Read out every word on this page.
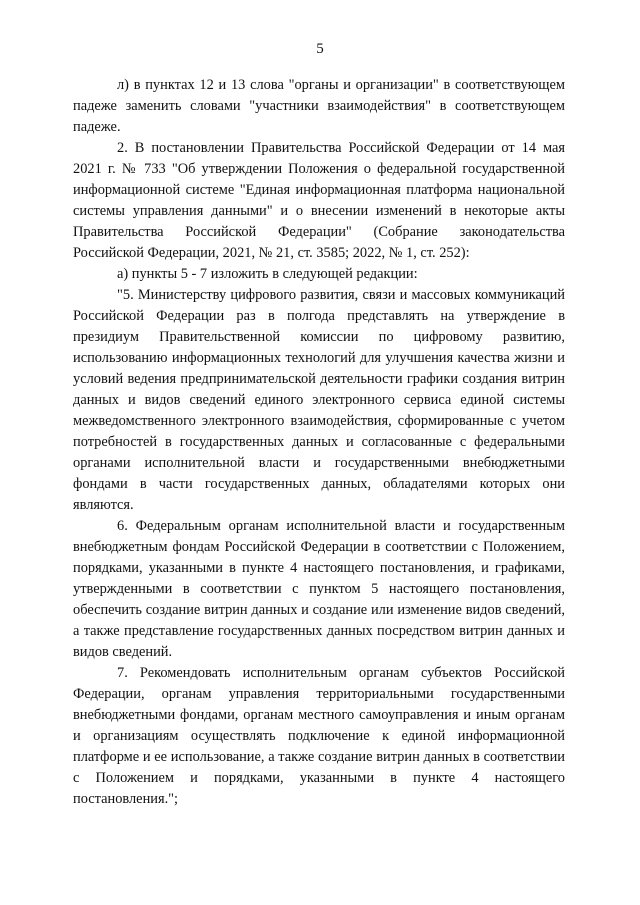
5

л) в пунктах 12 и 13 слова "органы и организации" в соответствующем падеже заменить словами "участники взаимодействия" в соответствующем падеже.

2. В постановлении Правительства Российской Федерации от 14 мая 2021 г. № 733 "Об утверждении Положения о федеральной государственной информационной системе "Единая информационная платформа национальной системы управления данными" и о внесении изменений в некоторые акты Правительства Российской Федерации" (Собрание законодательства Российской Федерации, 2021, № 21, ст. 3585; 2022, № 1, ст. 252):

а) пункты 5 - 7 изложить в следующей редакции:

"5. Министерству цифрового развития, связи и массовых коммуникаций Российской Федерации раз в полгода представлять на утверждение в президиум Правительственной комиссии по цифровому развитию, использованию информационных технологий для улучшения качества жизни и условий ведения предпринимательской деятельности графики создания витрин данных и видов сведений единого электронного сервиса единой системы межведомственного электронного взаимодействия, сформированные с учетом потребностей в государственных данных и согласованные с федеральными органами исполнительной власти и государственными внебюджетными фондами в части государственных данных, обладателями которых они являются.

6. Федеральным органам исполнительной власти и государственным внебюджетным фондам Российской Федерации в соответствии с Положением, порядками, указанными в пункте 4 настоящего постановления, и графиками, утвержденными в соответствии с пунктом 5 настоящего постановления, обеспечить создание витрин данных и создание или изменение видов сведений, а также представление государственных данных посредством витрин данных и видов сведений.

7. Рекомендовать исполнительным органам субъектов Российской Федерации, органам управления территориальными государственными внебюджетными фондами, органам местного самоуправления и иным органам и организациям осуществлять подключение к единой информационной платформе и ее использование, а также создание витрин данных в соответствии с Положением и порядками, указанными в пункте 4 настоящего постановления.";
